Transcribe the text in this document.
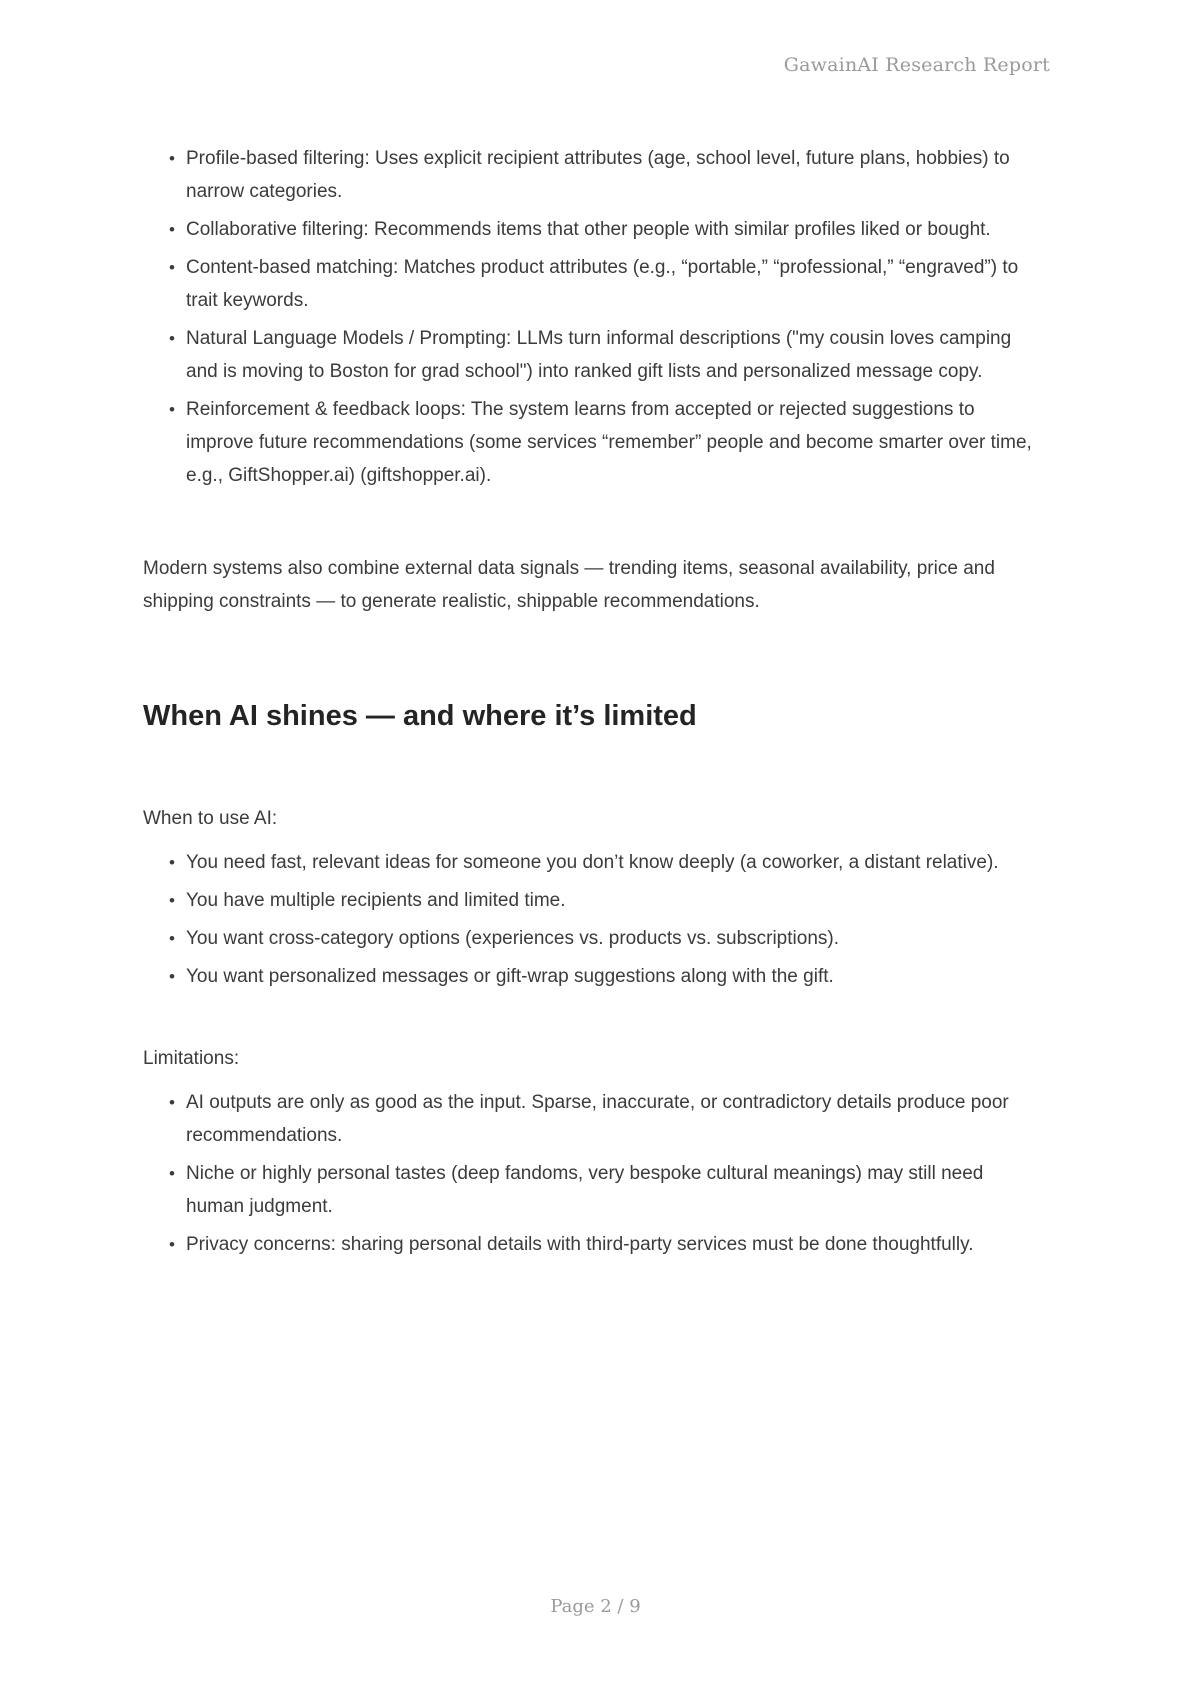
GawainAI Research Report
• Profile-based filtering: Uses explicit recipient attributes (age, school level, future plans, hobbies) to narrow categories.
• Collaborative filtering: Recommends items that other people with similar profiles liked or bought.
• Content-based matching: Matches product attributes (e.g., “portable,” “professional,” “engraved”) to trait keywords.
• Natural Language Models / Prompting: LLMs turn informal descriptions ("my cousin loves camping and is moving to Boston for grad school") into ranked gift lists and personalized message copy.
• Reinforcement & feedback loops: The system learns from accepted or rejected suggestions to improve future recommendations (some services “remember” people and become smarter over time, e.g., GiftShopper.ai) (giftshopper.ai).
Modern systems also combine external data signals — trending items, seasonal availability, price and shipping constraints — to generate realistic, shippable recommendations.
When AI shines — and where it’s limited
When to use AI:
• You need fast, relevant ideas for someone you don’t know deeply (a coworker, a distant relative).
• You have multiple recipients and limited time.
• You want cross-category options (experiences vs. products vs. subscriptions).
• You want personalized messages or gift-wrap suggestions along with the gift.
Limitations:
• AI outputs are only as good as the input. Sparse, inaccurate, or contradictory details produce poor recommendations.
• Niche or highly personal tastes (deep fandoms, very bespoke cultural meanings) may still need human judgment.
• Privacy concerns: sharing personal details with third-party services must be done thoughtfully.
Page 2 / 9
